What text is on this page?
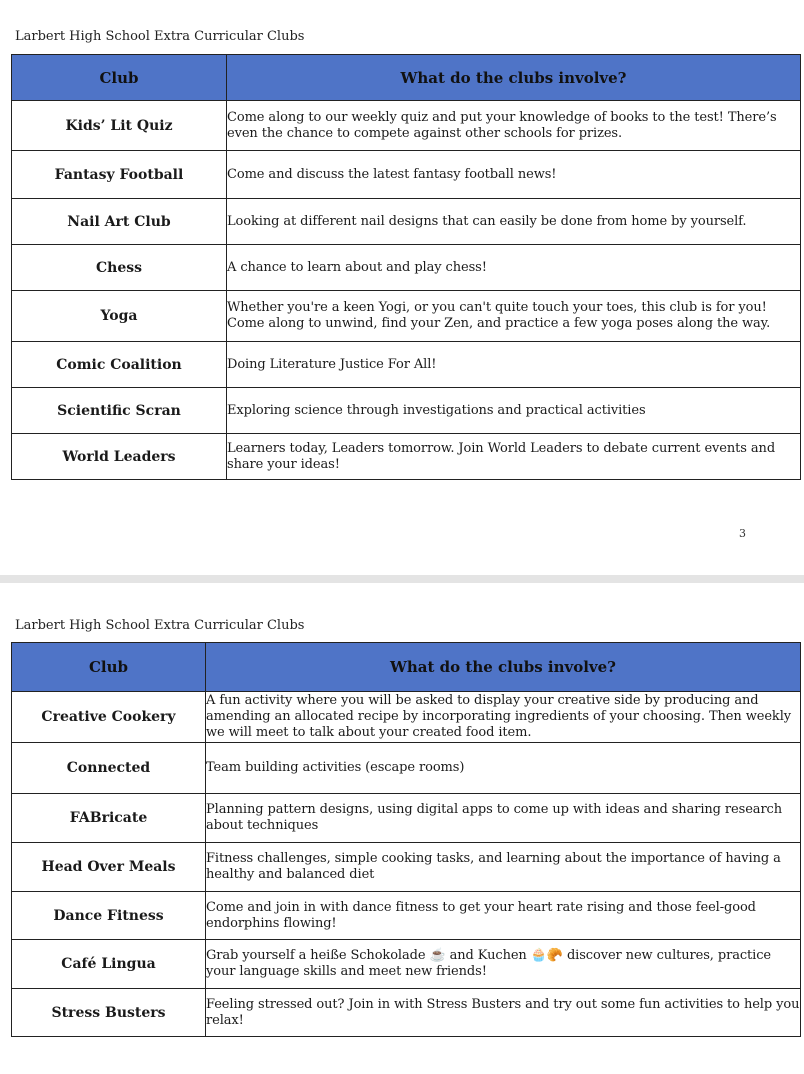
Larbert High School Extra Curricular Clubs
Club	What do the clubs involve?
Kids’ Lit Quiz	Come along to our weekly quiz and put your knowledge of books to the test! There’s even the chance to compete against other schools for prizes.
Fantasy Football	Come and discuss the latest fantasy football news!
Nail Art Club	Looking at different nail designs that can easily be done from home by yourself.
Chess	A chance to learn about and play chess!
Yoga	Whether you're a keen Yogi, or you can't quite touch your toes, this club is for you! Come along to unwind, find your Zen, and practice a few yoga poses along the way.
Comic Coalition	Doing Literature Justice For All!
Scientific Scran	Exploring science through investigations and practical activities
World Leaders	Learners today, Leaders tomorrow. Join World Leaders to debate current events and share your ideas!
3
Larbert High School Extra Curricular Clubs
Club	What do the clubs involve?
Creative Cookery	A fun activity where you will be asked to display your creative side by producing and amending an allocated recipe by incorporating ingredients of your choosing. Then weekly we will meet to talk about your created food item.
Connected	Team building activities (escape rooms)
FABricate	Planning pattern designs, using digital apps to come up with ideas and sharing research about techniques
Head Over Meals	Fitness challenges, simple cooking tasks, and learning about the importance of having a healthy and balanced diet
Dance Fitness	Come and join in with dance fitness to get your heart rate rising and those feel-good endorphins flowing!
Café Lingua	Grab yourself a heiße Schokolade ☕ and Kuchen 🧁🥐 discover new cultures, practice your language skills and meet new friends!
Stress Busters	Feeling stressed out? Join in with Stress Busters and try out some fun activities to help you relax!
